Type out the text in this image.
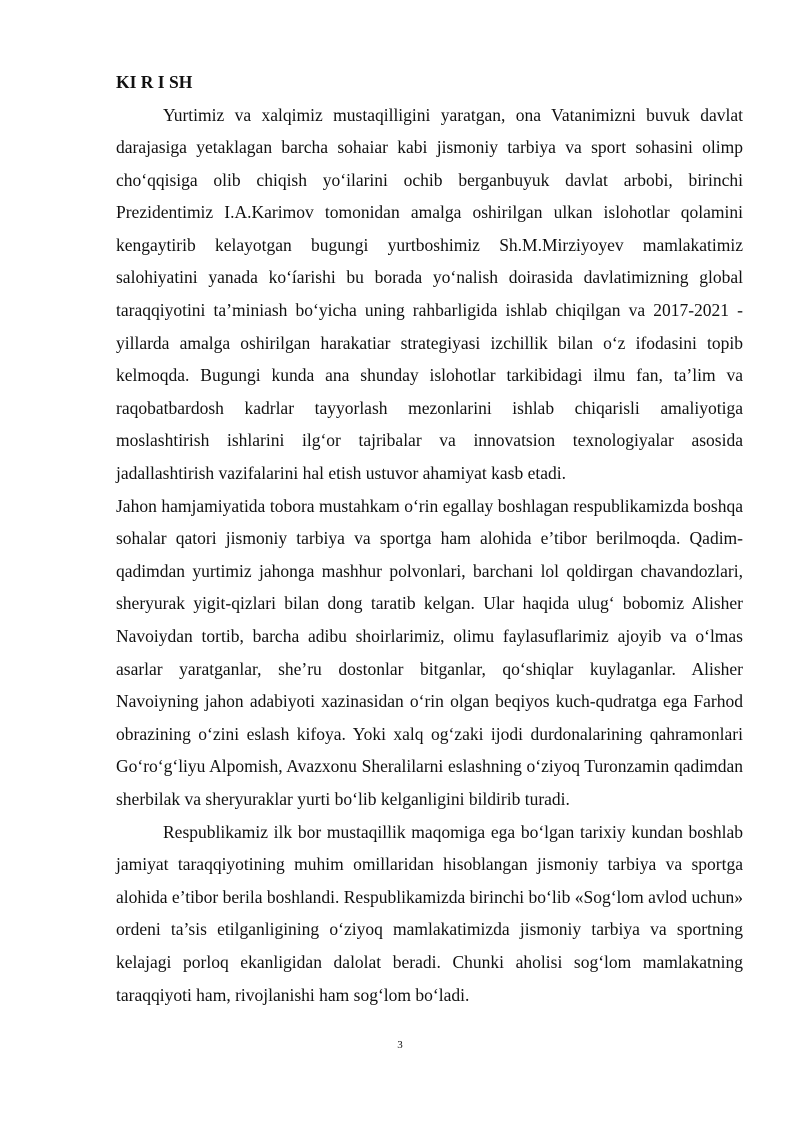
KI R I SH

Yurtimiz va xalqimiz mustaqilligini yaratgan, ona Vatanimizni buvuk davlat darajasiga yetaklagan barcha sohaiar kabi jismoniy tarbiya va sport sohasini olimp cho‘qqisiga olib chiqish yo‘ilarini ochib berganbuyuk davlat arbobi, birinchi Prezidentimiz I.A.Karimov tomonidan amalga oshirilgan ulkan islohotlar qolamini kengaytirib kelayotgan bugungi yurtboshimiz Sh.M.Mirziyoyev mamlakatimiz salohiyatini yanada ko‘íarishi bu borada yo‘nalish doirasida davlatimizning global taraqqiyotini ta’miniash bo‘yicha uning rahbarligida ishlab chiqilgan va 2017-2021 -yillarda amalga oshirilgan harakatiar strategiyasi izchillik bilan o‘z ifodasini topib kelmoqda. Bugungi kunda ana shunday islohotlar tarkibidagi ilmu fan, ta’lim va raqobatbardosh kadrlar tayyorlash mezonlarini ishlab chiqarisli amaliyotiga moslashtirish ishlarini ilg‘or tajribalar va innovatsion texnologiyalar asosida jadallashtirish vazifalarini hal etish ustuvor ahamiyat kasb etadi.

Jahon hamjamiyatida tobora mustahkam o‘rin egallay boshlagan respublikamizda boshqa sohalar qatori jismoniy tarbiya va sportga ham alohida e’tibor berilmoqda. Qadim-qadimdan yurtimiz jahonga mashhur polvonlari, barchani lol qoldirgan chavandozlari, sheryurak yigit-qizlari bilan dong taratib kelgan. Ular haqida ulug‘ bobomiz Alisher Navoiydan tortib, barcha adibu shoirlarimiz, olimu faylasuflarimiz ajoyib va o‘lmas asarlar yaratganlar, she’ru dostonlar bitganlar, qo‘shiqlar kuylaganlar. Alisher Navoiyning jahon adabiyoti xazinasidan o‘rin olgan beqiyos kuch-qudratga ega Farhod obrazining o‘zini eslash kifoya. Yoki xalq og‘zaki ijodi durdonalarining qahramonlari Go‘ro‘g‘liyu Alpomish, Avazxonu Sheralilarni eslashning o‘ziyoq Turonzamin qadimdan sherbilak va sheryuraklar yurti bo‘lib kelganligini bildirib turadi.

Respublikamiz ilk bor mustaqillik maqomiga ega bo‘lgan tarixiy kundan boshlab jamiyat taraqqiyotining muhim omillaridan hisoblangan jismoniy tarbiya va sportga alohida e’tibor berila boshlandi. Respublikamizda birinchi bo‘lib «Sog‘lom avlod uchun» ordeni ta’sis etilganligining o‘ziyoq mamlakatimizda jismoniy tarbiya va sportning kelajagi porloq ekanligidan dalolat beradi. Chunki aholisi sog‘lom mamlakatning taraqqiyoti ham, rivojlanishi ham sog‘lom bo‘ladi.

3
